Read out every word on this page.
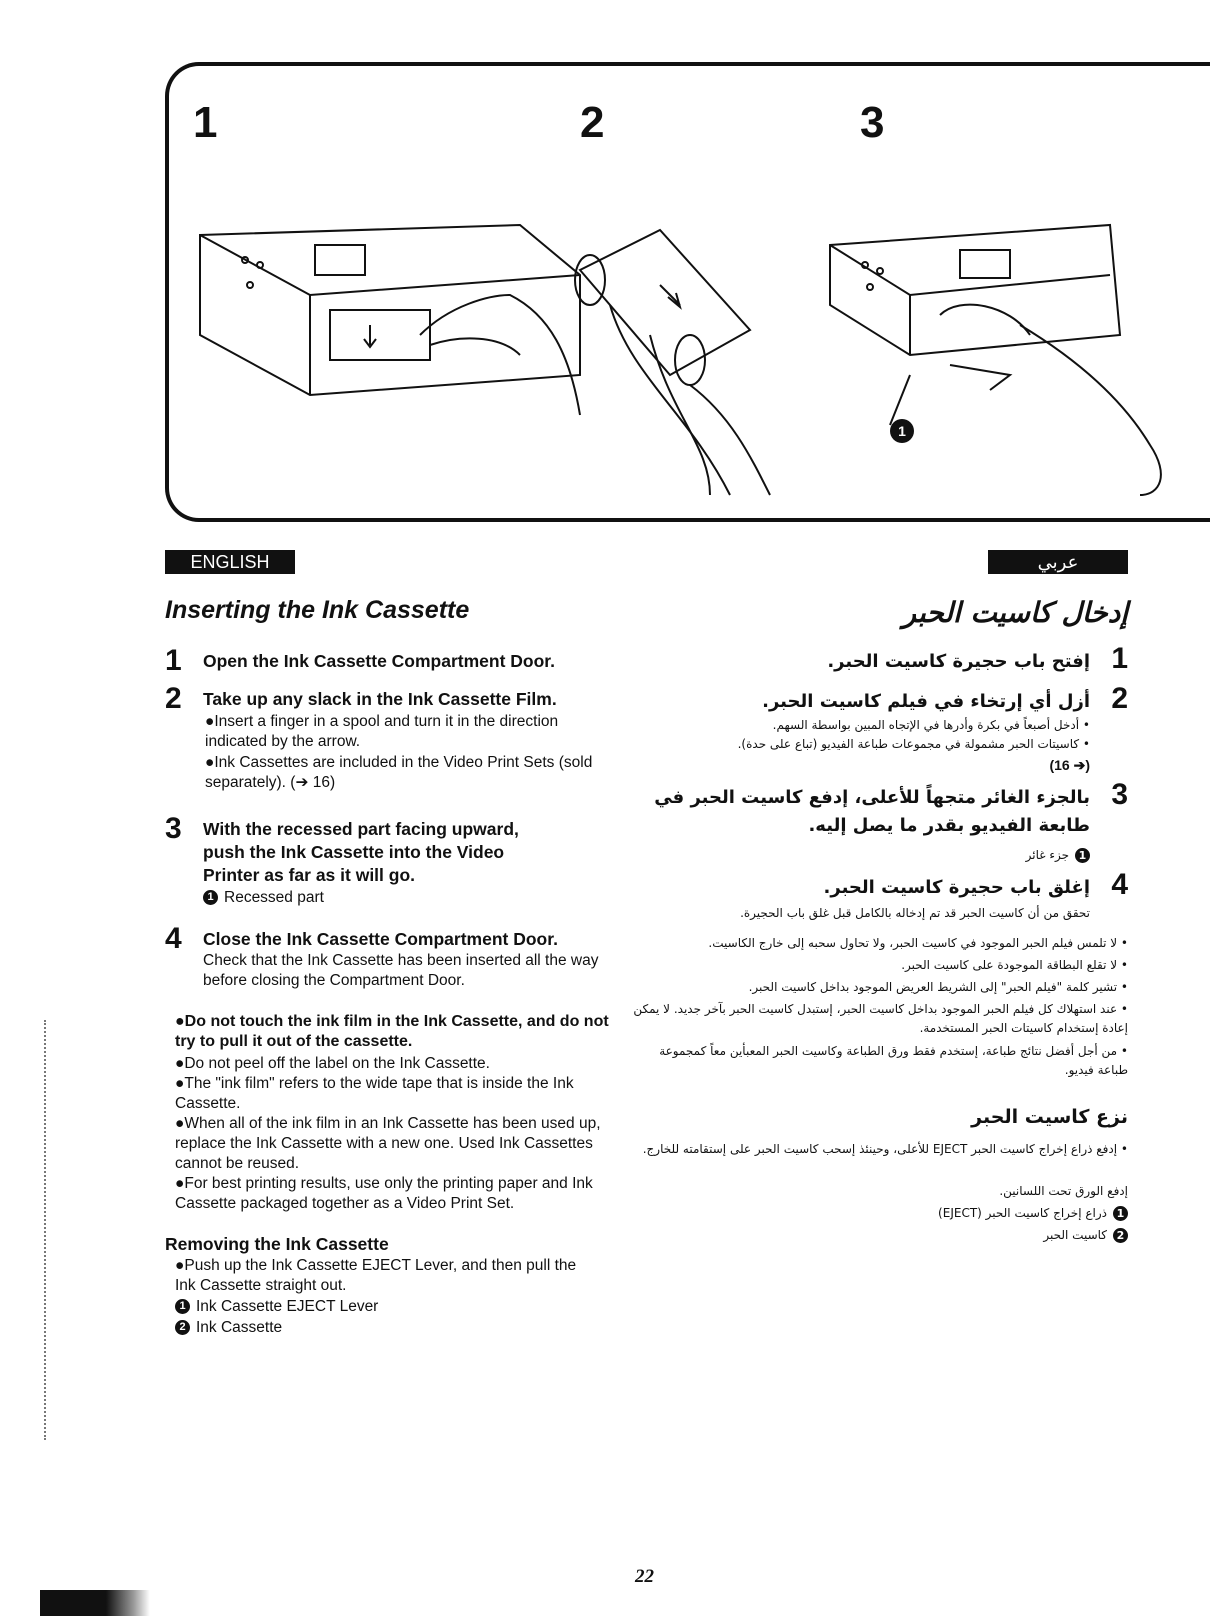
1	2	3
1
ENGLISH	عربي
Inserting the Ink Cassette
1 Open the Ink Cassette Compartment Door.
2 Take up any slack in the Ink Cassette Film.
●Insert a finger in a spool and turn it in the direction indicated by the arrow.
●Ink Cassettes are included in the Video Print Sets (sold separately). (➔ 16)
3 With the recessed part facing upward, push the Ink Cassette into the Video Printer as far as it will go.
1 Recessed part
4 Close the Ink Cassette Compartment Door.
Check that the Ink Cassette has been inserted all the way before closing the Compartment Door.
●Do not touch the ink film in the Ink Cassette, and do not try to pull it out of the cassette.
●Do not peel off the label on the Ink Cassette.
●The "ink film" refers to the wide tape that is inside the Ink Cassette.
●When all of the ink film in an Ink Cassette has been used up, replace the Ink Cassette with a new one. Used Ink Cassettes cannot be reused.
●For best printing results, use only the printing paper and Ink Cassette packaged together as a Video Print Set.
Removing the Ink Cassette
●Push up the Ink Cassette EJECT Lever, and then pull the Ink Cassette straight out.
1 Ink Cassette EJECT Lever
2 Ink Cassette
إدخال كاسيت الحبر
1
إفتح باب حجيرة كاسيت الحبر.
2
أزل أي إرتخاء في فيلم كاسيت الحبر.
• أدخل أصبعاً في بكرة وأدرها في الإتجاه المبين بواسطة السهم.
• كاسيتات الحبر مشمولة في مجموعات طباعة الفيديو (تباع على حدة).
(➔ 16)
3
بالجزء الغائر متجهاً للأعلى، إدفع كاسيت الحبر في طابعة الفيديو بقدر ما يصل إليه.
1جزء غائر
4
إغلق باب حجيرة كاسيت الحبر.
تحقق من أن كاسيت الحبر قد تم إدخاله بالكامل قبل غلق باب الحجيرة.
• لا تلمس فيلم الحبر الموجود في كاسيت الحبر، ولا تحاول سحبه إلى خارج الكاسيت.
• لا تقلع البطاقة الموجودة على كاسيت الحبر.
• تشير كلمة "فيلم الحبر" إلى الشريط العريض الموجود بداخل كاسيت الحبر.
• عند استهلاك كل فيلم الحبر الموجود بداخل كاسيت الحبر، إستبدل كاسيت الحبر بآخر جديد. لا يمكن إعادة إستخدام كاسيتات الحبر المستخدمة.
• من أجل أفضل نتائج طباعة، إستخدم فقط ورق الطباعة وكاسيت الحبر المعبأين معاً كمجموعة طباعة فيديو.
نزع كاسيت الحبر
• إدفع ذراع إخراج كاسيت الحبر EJECT للأعلى، وحينئذ إسحب كاسيت الحبر على إستقامته للخارج.
إدفع الورق تحت اللسانين.
1ذراع إخراج كاسيت الحبر (EJECT)
2كاسيت الحبر
22
